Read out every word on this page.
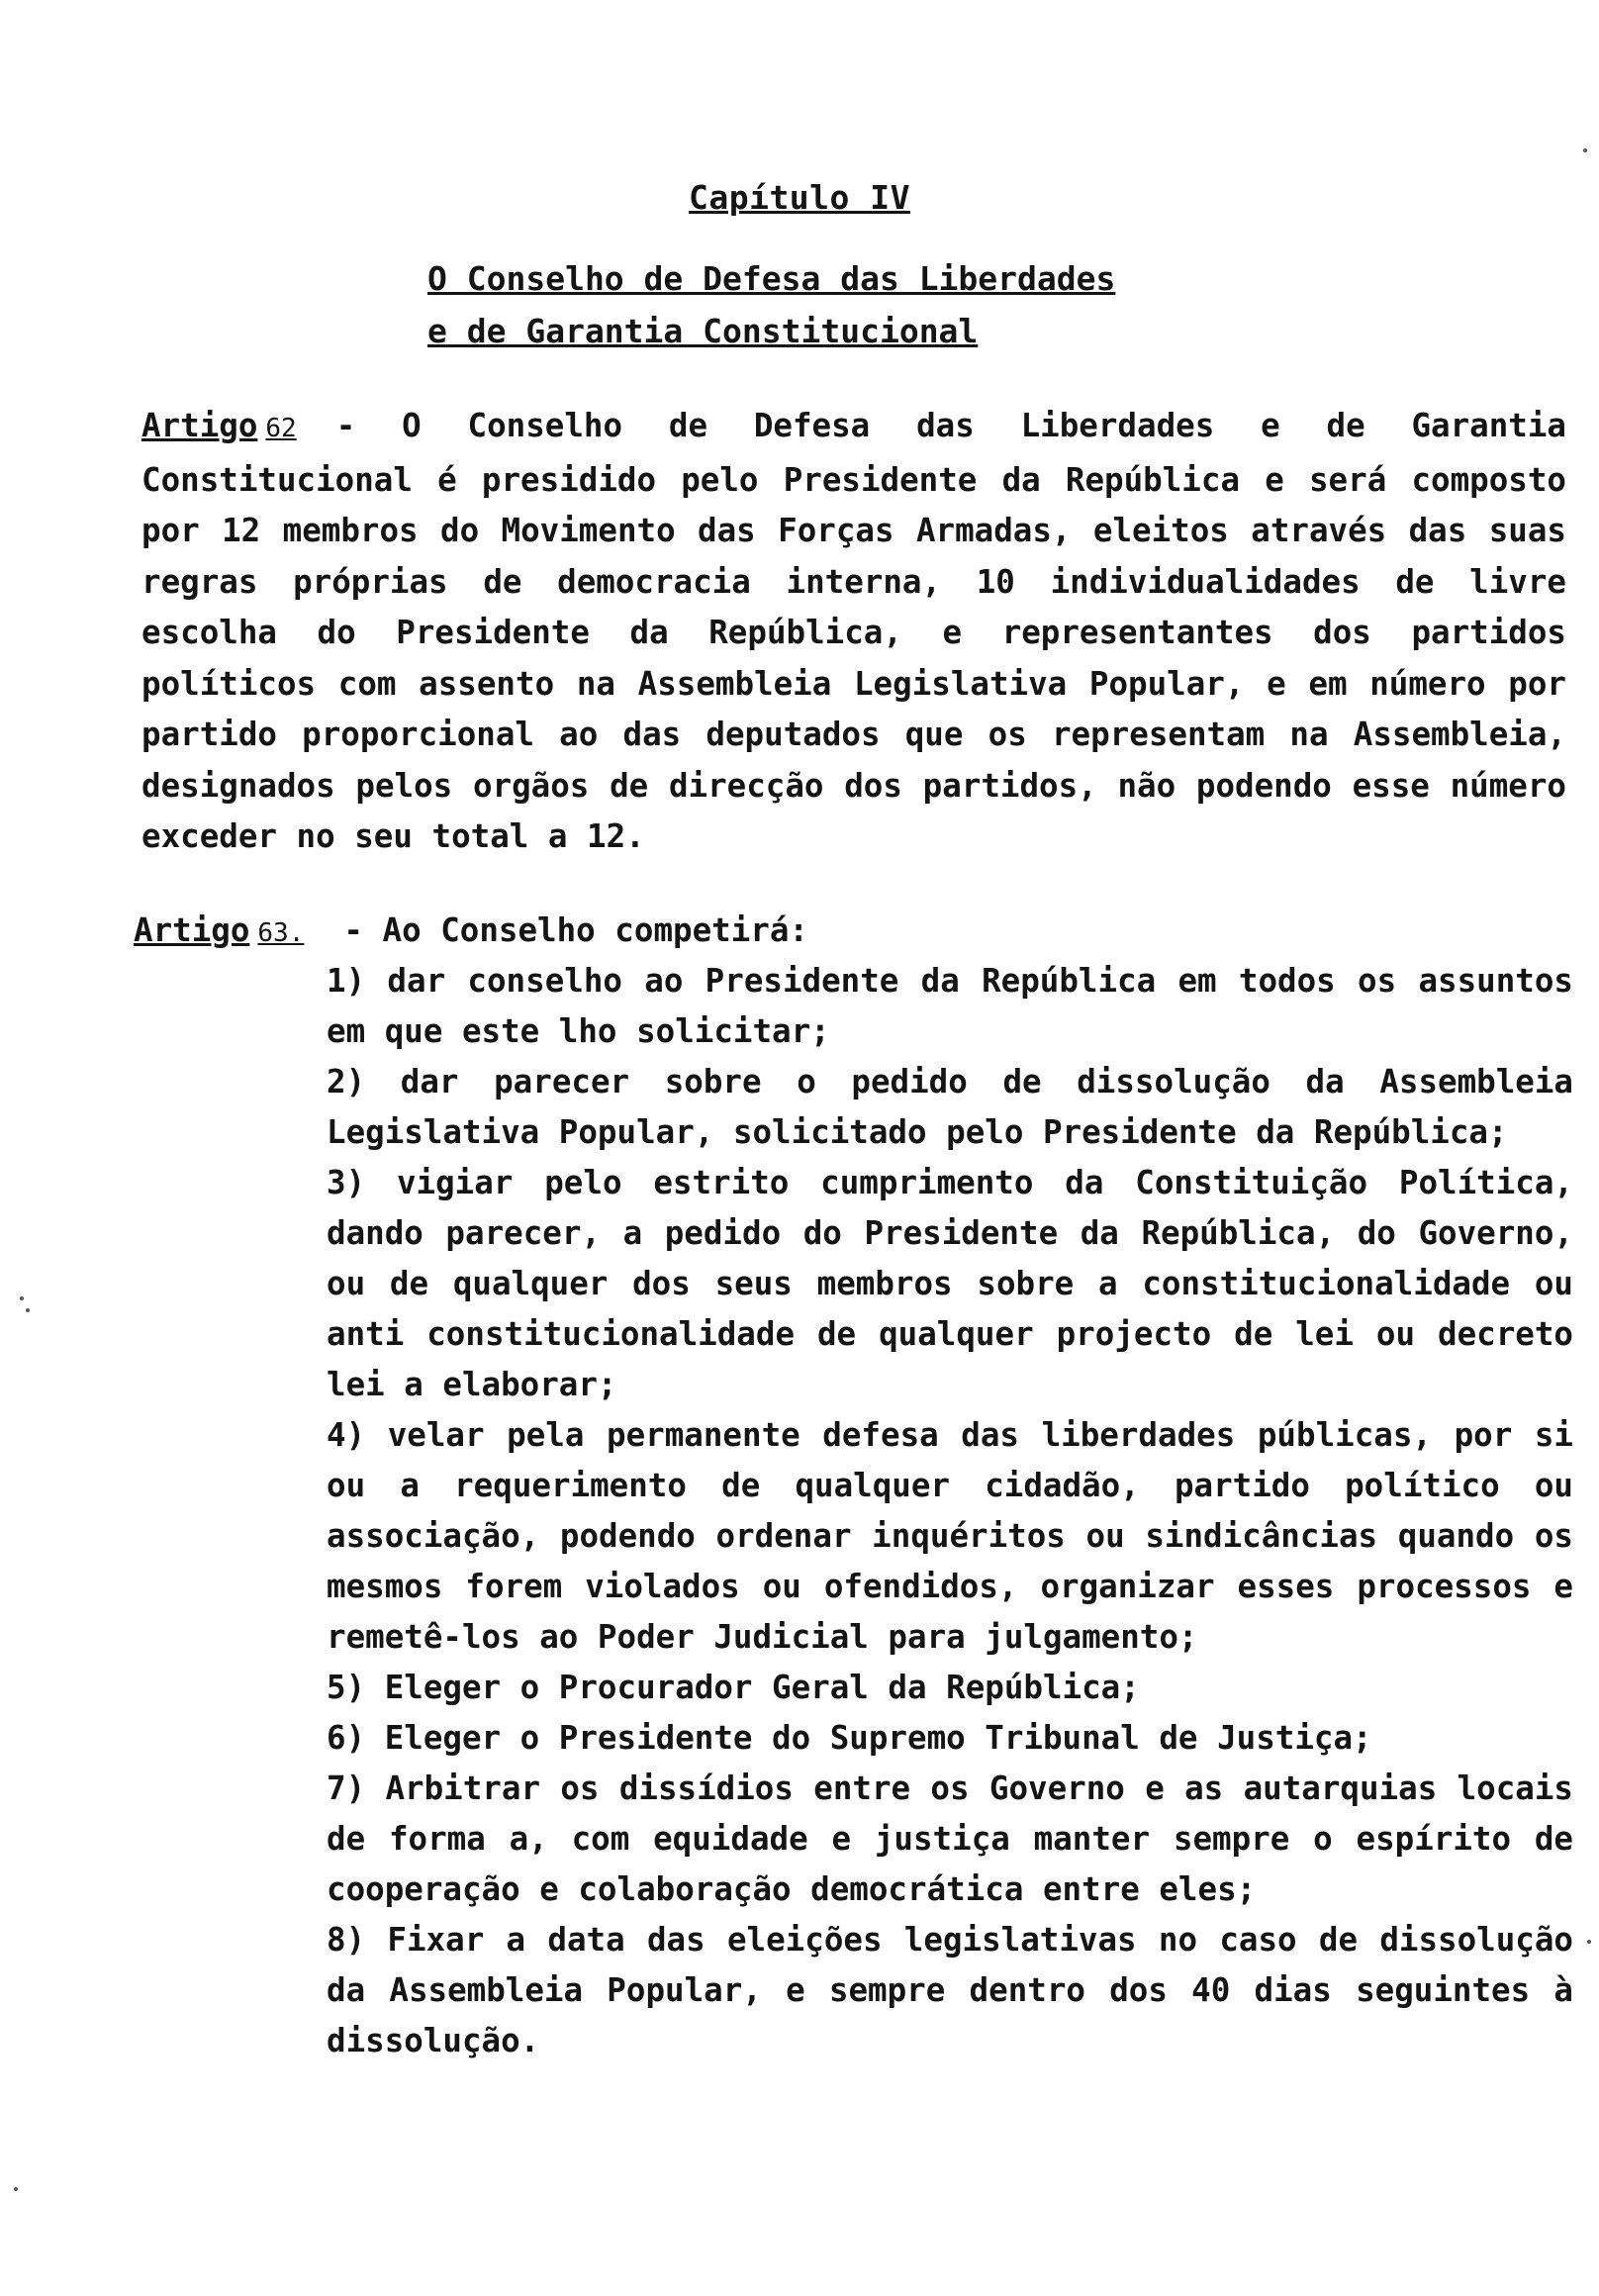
Capítulo IV
O Conselho de Defesa das Liberdades
e de Garantia Constitucional
Artigo 62 - O Conselho de Defesa das Liberdades e de Garantia Constitucional é presidido pelo Presidente da República e será composto por 12 membros do Movimento das Forças Armadas, eleitos através das suas regras próprias de democracia interna, 10 individualidades de livre escolha do Presidente da República, e representantes dos partidos políticos com assento na Assembleia Legislativa Popular, e em número por partido proporcional ao das deputados que os representam na Assembleia, designados pelos orgãos de direcção dos partidos, não podendo esse número exceder no seu total a 12.
Artigo 63. - Ao Conselho competirá:

1) dar conselho ao Presidente da República em todos os assuntos em que este lho solicitar;

2) dar parecer sobre o pedido de dissolução da Assembleia Legislativa Popular, solicitado pelo Presidente da República;

3) vigiar pelo estrito cumprimento da Constituição Política, dando parecer, a pedido do Presidente da República, do Governo, ou de qualquer dos seus membros sobre a constitucionalidade ou anti constitucionalidade de qualquer projecto de lei ou decreto lei a elaborar;

4) velar pela permanente defesa das liberdades públicas, por si ou a requerimento de qualquer cidadão, partido político ou associação, podendo ordenar inquéritos ou sindicâncias quando os mesmos forem violados ou ofendidos, organizar esses processos e remetê-los ao Poder Judicial para julgamento;

5) Eleger o Procurador Geral da República;

6) Eleger o Presidente do Supremo Tribunal de Justiça;

7) Arbitrar os dissídios entre os Governo e as autarquias locais de forma a, com equidade e justiça manter sempre o espírito de cooperação e colaboração democrática entre eles;

8) Fixar a data das eleições legislativas no caso de dissolução da Assembleia Popular, e sempre dentro dos 40 dias seguintes à dissolução.
